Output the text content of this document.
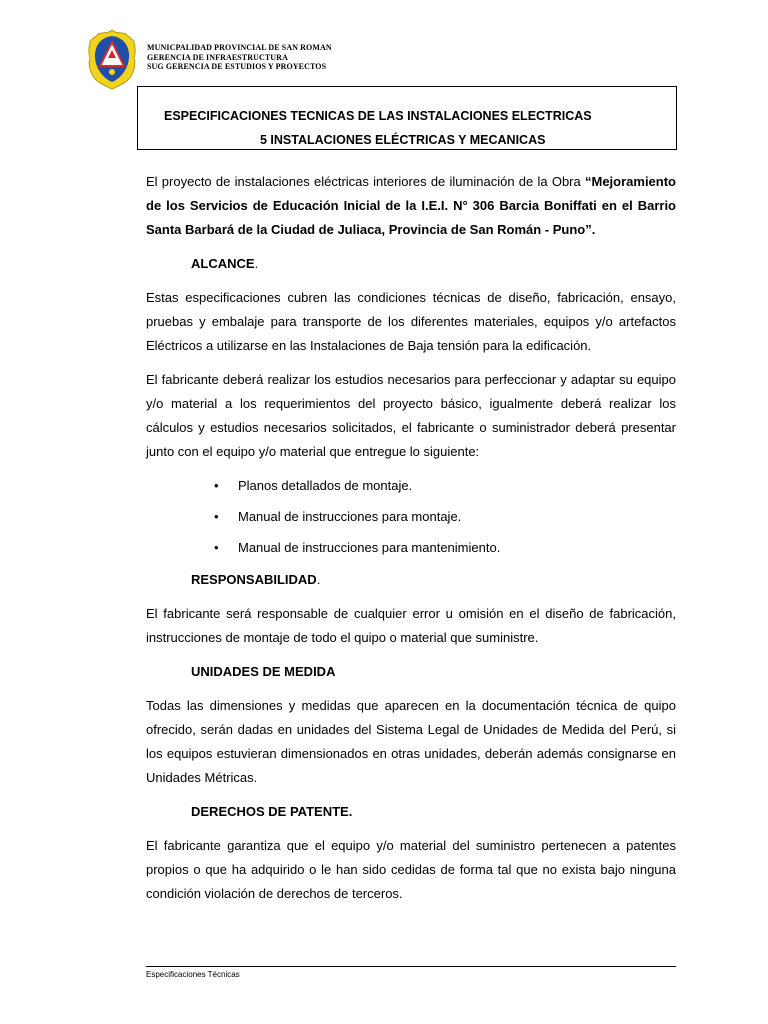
MUNICPALIDAD PROVINCIAL DE SAN ROMAN
GERENCIA DE INFRAESTRUCTURA
SUG GERENCIA DE ESTUDIOS Y PROYECTOS
ESPECIFICACIONES TECNICAS DE LAS INSTALACIONES ELECTRICAS
5 INSTALACIONES ELÉCTRICAS Y MECANICAS

El proyecto de instalaciones eléctricas interiores de iluminación de la Obra “Mejoramiento de los Servicios de Educación Inicial de la I.E.I. N° 306 Barcia Boniffati en el Barrio Santa Barbará de la Ciudad de Juliaca, Provincia de San Román - Puno”.

ALCANCE.

Estas especificaciones cubren las condiciones técnicas de diseño, fabricación, ensayo, pruebas y embalaje para transporte de los diferentes materiales, equipos y/o artefactos Eléctricos a utilizarse en las Instalaciones de Baja tensión para la edificación.

El fabricante deberá realizar los estudios necesarios para perfeccionar y adaptar su equipo y/o material a los requerimientos del proyecto básico, igualmente deberá realizar los cálculos y estudios necesarios solicitados, el fabricante o suministrador deberá presentar junto con el equipo y/o material que entregue lo siguiente:

• Planos detallados de montaje.
• Manual de instrucciones para montaje.
• Manual de instrucciones para mantenimiento.
RESPONSABILIDAD.

El fabricante será responsable de cualquier error u omisión en el diseño de fabricación, instrucciones de montaje de todo el quipo o material que suministre.

UNIDADES DE MEDIDA

Todas las dimensiones y medidas que aparecen en la documentación técnica de quipo ofrecido, serán dadas en unidades del Sistema Legal de Unidades de Medida del Perú, si los equipos estuvieran dimensionados en otras unidades, deberán además consignarse en Unidades Métricas.

DERECHOS DE PATENTE.

El fabricante garantiza que el equipo y/o material del suministro pertenecen a patentes propios o que ha adquirido o le han sido cedidas de forma tal que no exista bajo ninguna condición violación de derechos de terceros.

Especificaciones Técnicas
